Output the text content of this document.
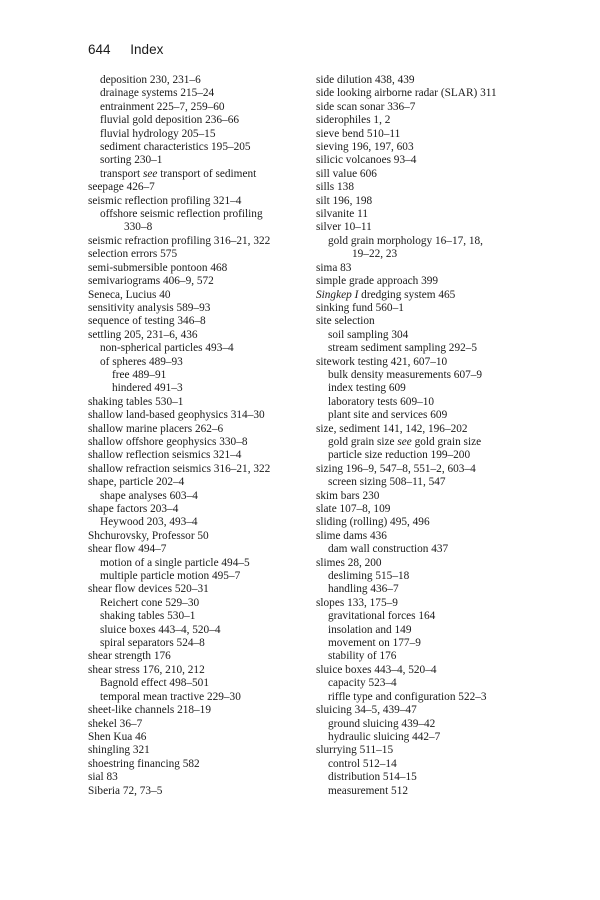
644 Index
deposition 230, 231–6
drainage systems 215–24
entrainment 225–7, 259–60
fluvial gold deposition 236–66
fluvial hydrology 205–15
sediment characteristics 195–205
sorting 230–1
transport see transport of sediment
seepage 426–7
seismic reflection profiling 321–4
offshore seismic reflection profiling
330–8
seismic refraction profiling 316–21, 322
selection errors 575
semi-submersible pontoon 468
semivariograms 406–9, 572
Seneca, Lucius 40
sensitivity analysis 589–93
sequence of testing 346–8
settling 205, 231–6, 436
non-spherical particles 493–4
of spheres 489–93
free 489–91
hindered 491–3
shaking tables 530–1
shallow land-based geophysics 314–30
shallow marine placers 262–6
shallow offshore geophysics 330–8
shallow reflection seismics 321–4
shallow refraction seismics 316–21, 322
shape, particle 202–4
shape analyses 603–4
shape factors 203–4
Heywood 203, 493–4
Shchurovsky, Professor 50
shear flow 494–7
motion of a single particle 494–5
multiple particle motion 495–7
shear flow devices 520–31
Reichert cone 529–30
shaking tables 530–1
sluice boxes 443–4, 520–4
spiral separators 524–8
shear strength 176
shear stress 176, 210, 212
Bagnold effect 498–501
temporal mean tractive 229–30
sheet-like channels 218–19
shekel 36–7
Shen Kua 46
shingling 321
shoestring financing 582
sial 83
Siberia 72, 73–5
side dilution 438, 439
side looking airborne radar (SLAR) 311
side scan sonar 336–7
siderophiles 1, 2
sieve bend 510–11
sieving 196, 197, 603
silicic volcanoes 93–4
sill value 606
sills 138
silt 196, 198
silvanite 11
silver 10–11
gold grain morphology 16–17, 18,
19–22, 23
sima 83
simple grade approach 399
Singkep I dredging system 465
sinking fund 560–1
site selection
soil sampling 304
stream sediment sampling 292–5
sitework testing 421, 607–10
bulk density measurements 607–9
index testing 609
laboratory tests 609–10
plant site and services 609
size, sediment 141, 142, 196–202
gold grain size see gold grain size
particle size reduction 199–200
sizing 196–9, 547–8, 551–2, 603–4
screen sizing 508–11, 547
skim bars 230
slate 107–8, 109
sliding (rolling) 495, 496
slime dams 436
dam wall construction 437
slimes 28, 200
desliming 515–18
handling 436–7
slopes 133, 175–9
gravitational forces 164
insolation and 149
movement on 177–9
stability of 176
sluice boxes 443–4, 520–4
capacity 523–4
riffle type and configuration 522–3
sluicing 34–5, 439–47
ground sluicing 439–42
hydraulic sluicing 442–7
slurrying 511–15
control 512–14
distribution 514–15
measurement 512
